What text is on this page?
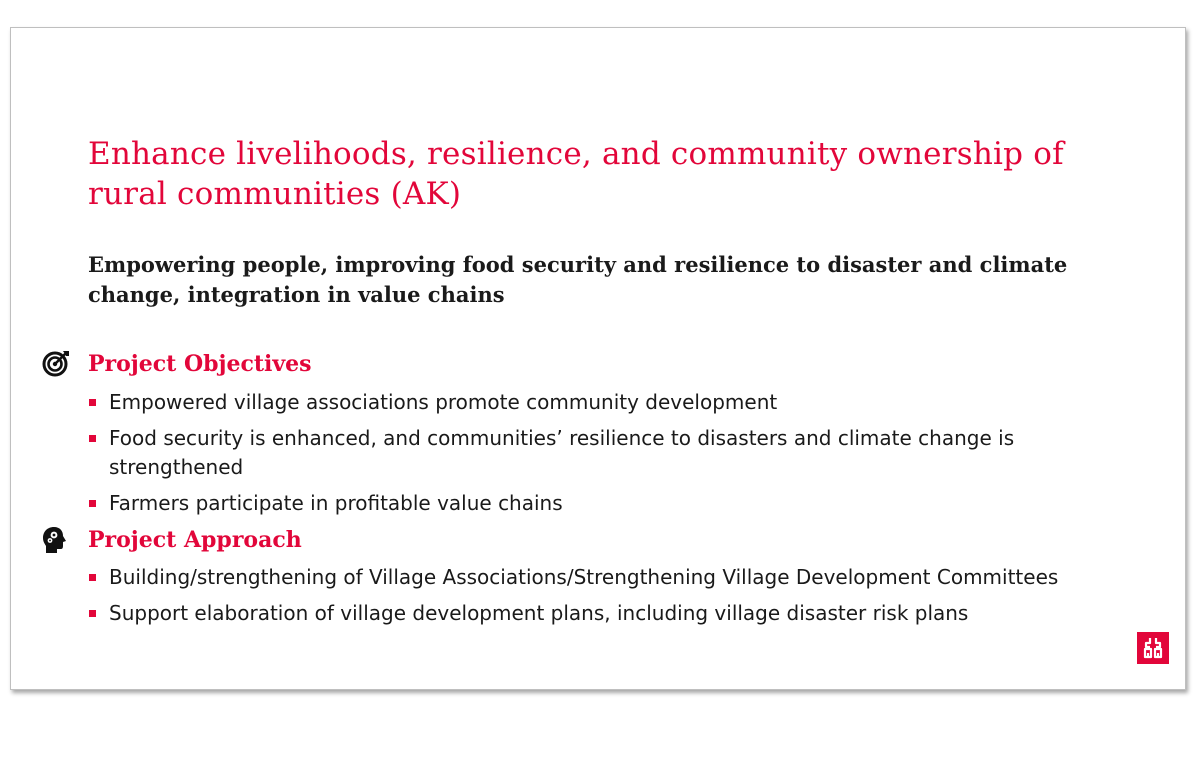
Enhance livelihoods, resilience, and community ownership of rural communities (AK)

Empowering people, improving food security and resilience to disaster and climate change, integration in value chains

Project Objectives
Empowered village associations promote community development
Food security is enhanced, and communities’ resilience to disasters and climate change is strengthened
Farmers participate in profitable value chains
Project Approach
Building/strengthening of Village Associations/Strengthening Village Development Committees
Support elaboration of village development plans, including village disaster risk plans
